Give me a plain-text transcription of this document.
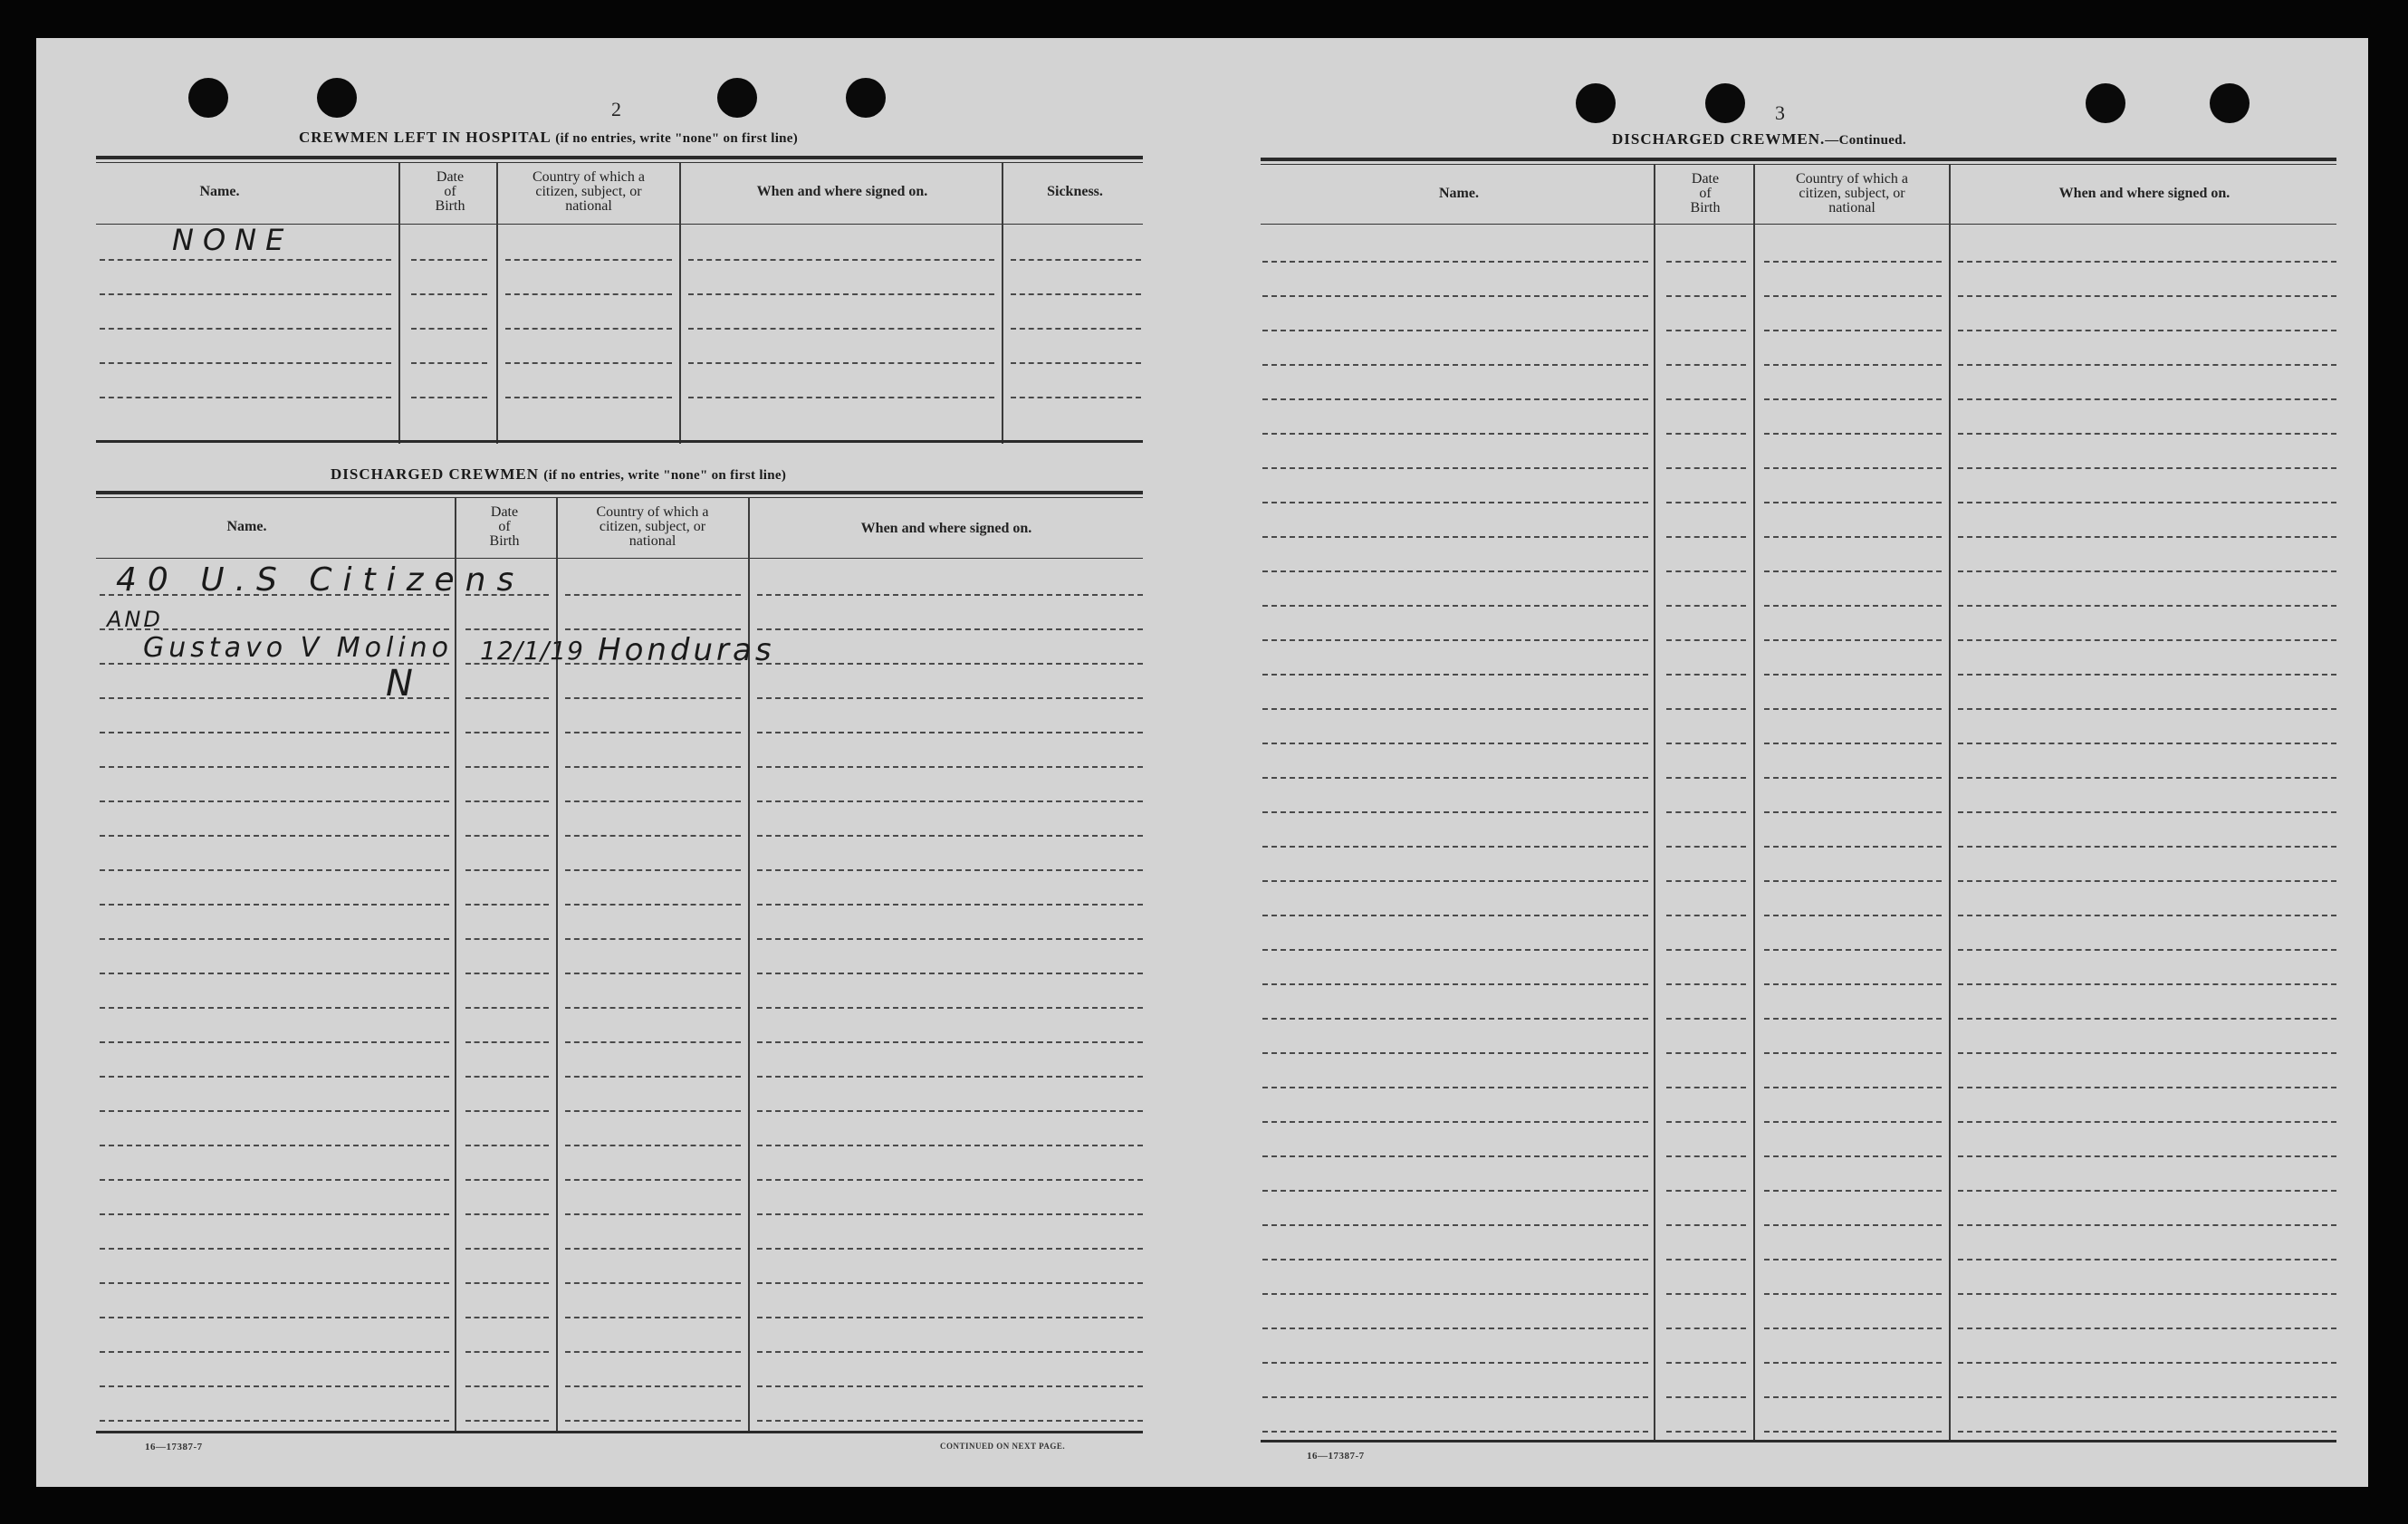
2
CREWMEN LEFT IN HOSPITAL (if no entries, write "none" on first line)
Name.
Date
of
Birth
Country of which a
citizen, subject, or
national
When and where signed on.	Sickness.
NONE
DISCHARGED CREWMEN (if no entries, write "none" on first line)
Name.
Date
of
Birth
Country of which a
citizen, subject, or
national
When and where signed on.
40 U.S Citizens
AND
Gustavo V Molino 12/1/19 Honduras
N
16—17387-7	CONTINUED ON NEXT PAGE.
3
DISCHARGED CREWMEN.—Continued.
Name.
Date
of
Birth
Country of which a
citizen, subject, or
national
When and where signed on.
16—17387-7
